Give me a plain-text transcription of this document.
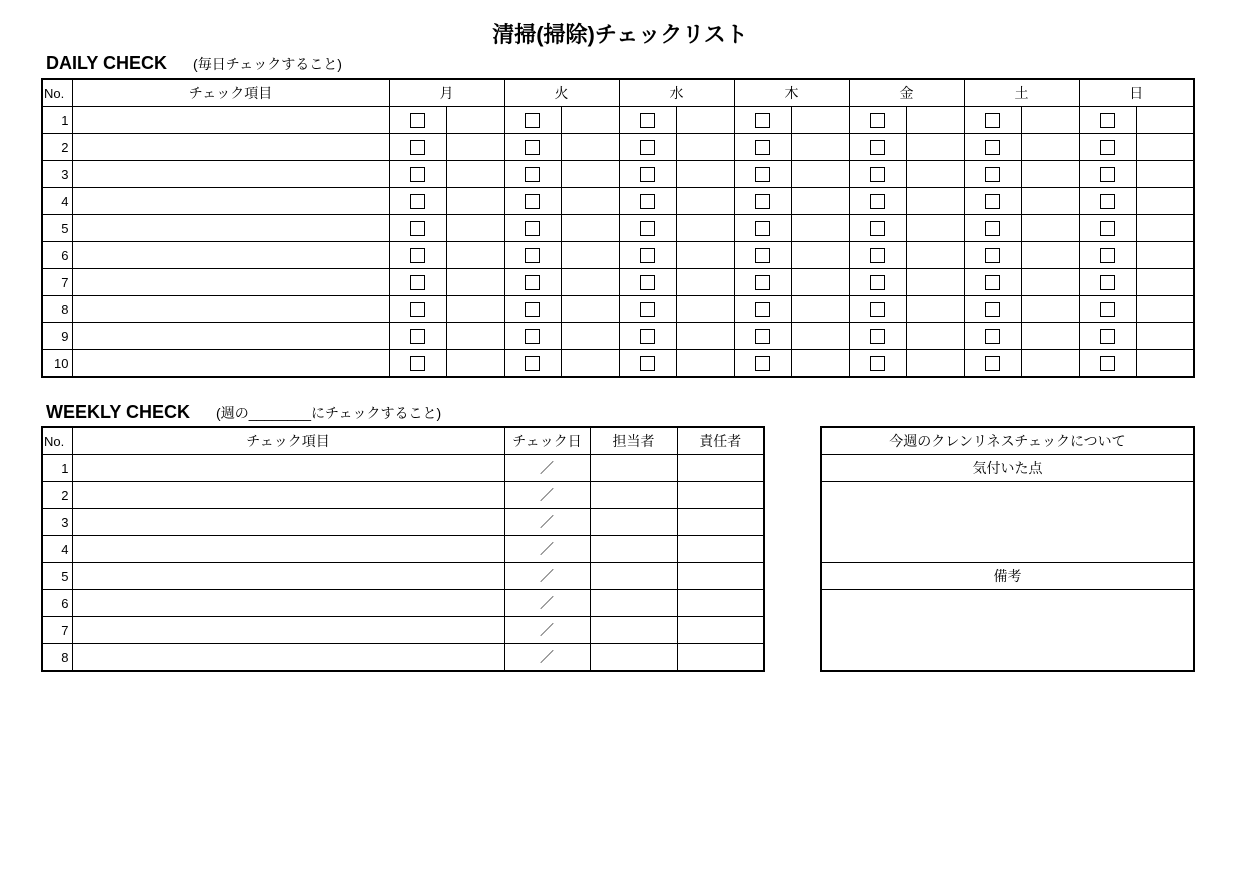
清掃(掃除)チェックリスト
DAILY CHECK (毎日チェックすること)
No.	チェック項目	月		火		水		木		金		土		日	
1															
2															
3															
4															
5															
6															
7															
8															
9															
10															
WEEKLY CHECK (週の________にチェックすること)
No.	チェック項目	チェック日	担当者	責任者
1		／		
2		／		
3		／		
4		／		
5		／		
6		／		
7		／		
8		／		
今週のクレンリネスチェックについて
気付いた点

備考
